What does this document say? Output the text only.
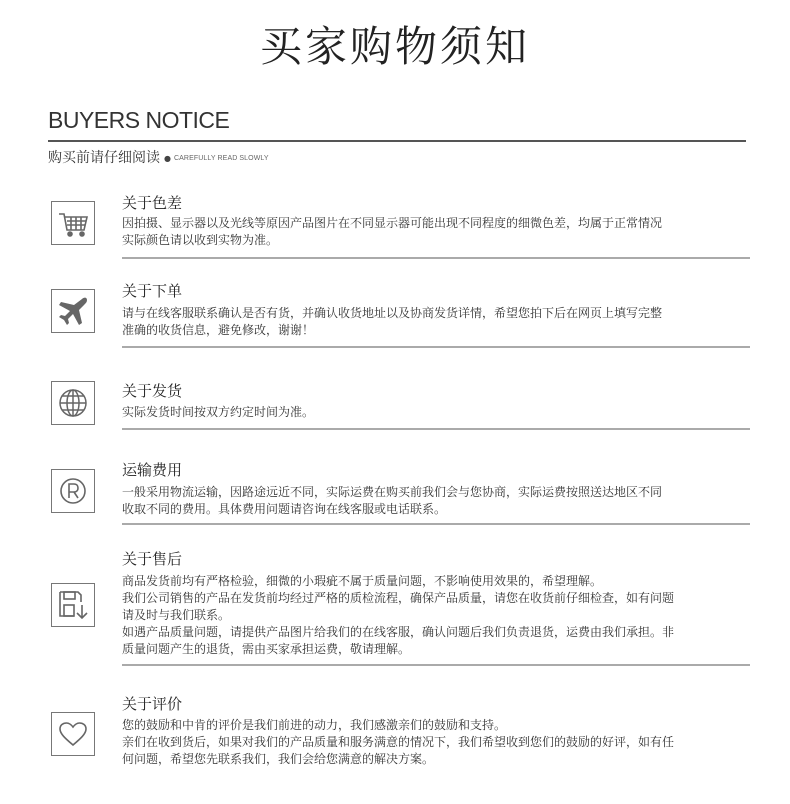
买家购物须知
BUYERS NOTICE
购买前请仔细阅读 ● CAREFULLY READ SLOWLY
关于色差
因拍摄、显示器以及光线等原因产品图片在不同显示器可能出现不同程度的细微色差，均属于正常情况
实际颜色请以收到实物为准。
关于下单
请与在线客服联系确认是否有货，并确认收货地址以及协商发货详情，希望您拍下后在网页上填写完整
准确的收货信息，避免修改，谢谢！
关于发货
实际发货时间按双方约定时间为准。
运输费用
一般采用物流运输，因路途远近不同，实际运费在购买前我们会与您协商，实际运费按照送达地区不同
收取不同的费用。具体费用问题请咨询在线客服或电话联系。
关于售后
商品发货前均有严格检验，细微的小瑕疵不属于质量问题，不影响使用效果的，希望理解。
我们公司销售的产品在发货前均经过严格的质检流程，确保产品质量，请您在收货前仔细检查，如有问题
请及时与我们联系。
如遇产品质量问题，请提供产品图片给我们的在线客服，确认问题后我们负责退货，运费由我们承担。非
质量问题产生的退货，需由买家承担运费，敬请理解。
关于评价
您的鼓励和中肯的评价是我们前进的动力，我们感激亲们的鼓励和支持。
亲们在收到货后，如果对我们的产品质量和服务满意的情况下，我们希望收到您们的鼓励的好评，如有任
何问题，希望您先联系我们，我们会给您满意的解决方案。
